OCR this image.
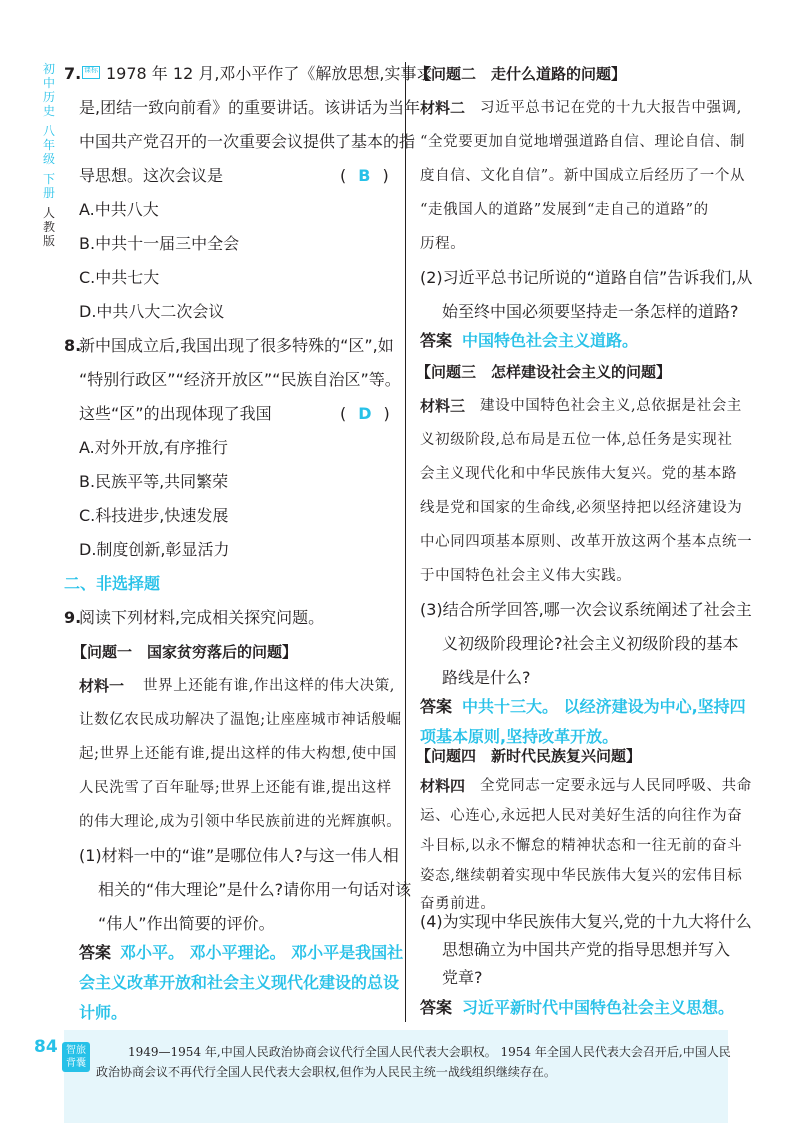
初
中
历
史
八
年
级
下
册
人
教
版
7. 课标 1978 年 12 月,邓小平作了《解放思想,实事求
是,团结一致向前看》的重要讲话。该讲话为当年
中国共产党召开的一次重要会议提供了基本的指
导思想。这次会议是	( B )
A.中共八大
B.中共十一届三中全会
C.中共七大
D.中共八大二次会议
8.
新中国成立后,我国出现了很多特殊的“区”,如
“特别行政区”“经济开放区”“民族自治区”等。
这些“区”的出现体现了我国	( D )
A.对外开放,有序推行
B.民族平等,共同繁荣
C.科技进步,快速发展
D.制度创新,彰显活力
二、非选择题
9.
阅读下列材料,完成相关探究问题。
【问题一　国家贫穷落后的问题】
材料一 世界上还能有谁,作出这样的伟大决策,
让数亿农民成功解决了温饱;让座座城市神话般崛
起;世界上还能有谁,提出这样的伟大构想,使中国
人民洗雪了百年耻辱;世界上还能有谁,提出这样
的伟大理论,成为引领中华民族前进的光辉旗帜。
(1)材料一中的“谁”是哪位伟人?与这一伟人相
相关的“伟大理论”是什么?请你用一句话对该
“伟人”作出简要的评价。
答案 邓小平。 邓小平理论。 邓小平是我国社
会主义改革开放和社会主义现代化建设的总设
计师。
【问题二　走什么道路的问题】
材料二 习近平总书记在党的十九大报告中强调,
“全党要更加自觉地增强道路自信、理论自信、制
度自信、文化自信”。新中国成立后经历了一个从
“走俄国人的道路”发展到“走自己的道路”的
历程。
(2)习近平总书记所说的“道路自信”告诉我们,从
始至终中国必须要坚持走一条怎样的道路?
答案 中国特色社会主义道路。
【问题三　怎样建设社会主义的问题】
材料三 建设中国特色社会主义,总依据是社会主
义初级阶段,总布局是五位一体,总任务是实现社
会主义现代化和中华民族伟大复兴。党的基本路
线是党和国家的生命线,必须坚持把以经济建设为
中心同四项基本原则、改革开放这两个基本点统一
于中国特色社会主义伟大实践。
(3)结合所学回答,哪一次会议系统阐述了社会主
义初级阶段理论?社会主义初级阶段的基本
路线是什么?
答案 中共十三大。 以经济建设为中心,坚持四
项基本原则,坚持改革开放。
【问题四　新时代民族复兴问题】
材料四 全党同志一定要永远与人民同呼吸、共命
运、心连心,永远把人民对美好生活的向往作为奋
斗目标,以永不懈怠的精神状态和一往无前的奋斗
姿态,继续朝着实现中华民族伟大复兴的宏伟目标
奋勇前进。
84 智旅
背囊
1949—1954 年,中国人民政治协商会议代行全国人民代表大会职权。 1954 年全国人民代表大会召开后,中国人民
政治协商会议不再代行全国人民代表大会职权,但作为人民民主统一战线组织继续存在。
(4)为实现中华民族伟大复兴,党的十九大将什么
思想确立为中国共产党的指导思想并写入
党章?
答案 习近平新时代中国特色社会主义思想。
